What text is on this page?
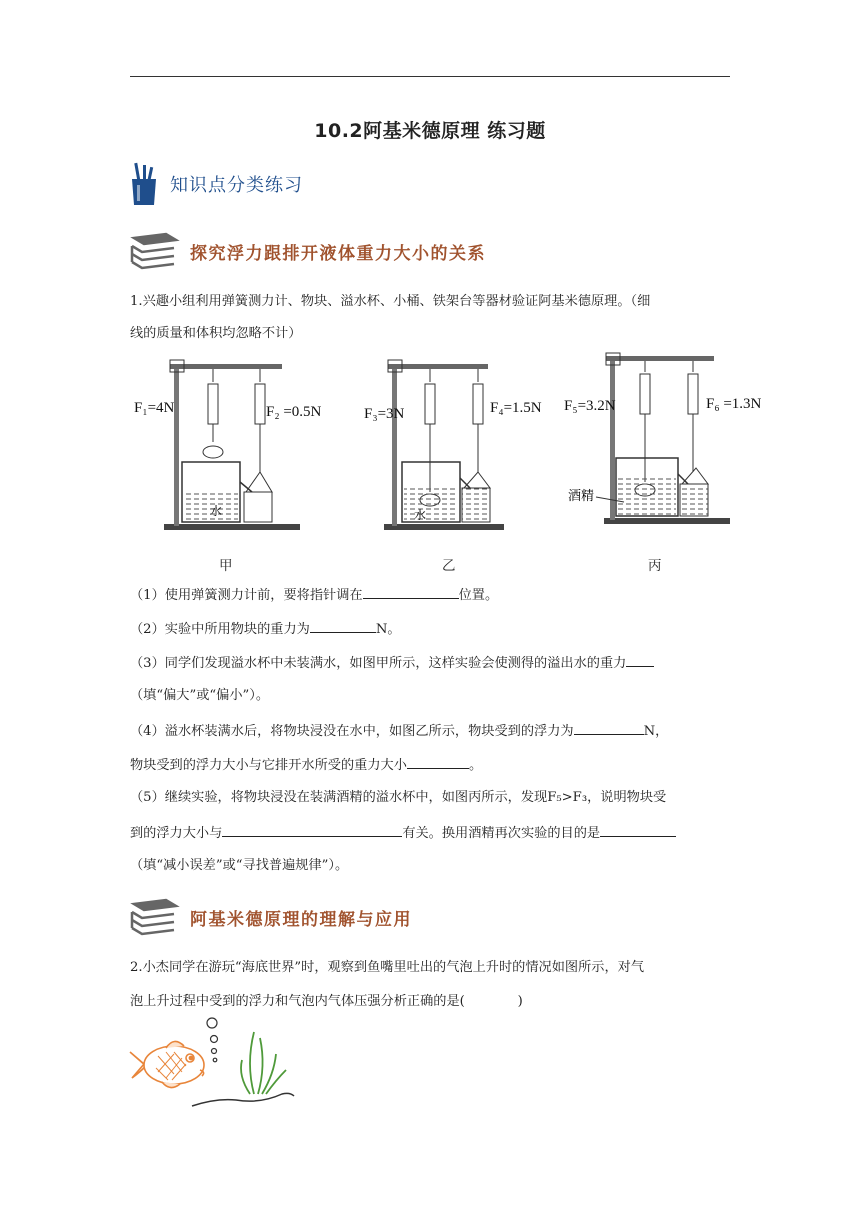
10.2阿基米德原理 练习题
知识点分类练习
探究浮力跟排开液体重力大小的关系
1.兴趣小组利用弹簧测力计、物块、溢水杯、小桶、铁架台等器材验证阿基米德原理。（细
线的质量和体积均忽略不计）
F₁=4N	F₂ =0.5N
水
F₃=3N	F₄=1.5N
水
F₅=3.2N	F₆ =1.3N
酒精
甲	乙	丙
（1）使用弹簧测力计前，要将指针调在	位置。
（2）实验中所用物块的重力为	N。
（3）同学们发现溢水杯中未装满水，如图甲所示，这样实验会使测得的溢出水的重力
（填“偏大”或“偏小”）。
（4）溢水杯装满水后，将物块浸没在水中，如图乙所示，物块受到的浮力为	N，
物块受到的浮力大小与它排开水所受的重力大小	。
（5）继续实验，将物块浸没在装满酒精的溢水杯中，如图丙所示，发现F₅>F₃，说明物块受
到的浮力大小与	有关。换用酒精再次实验的目的是
（填“减小误差”或“寻找普遍规律”）。
阿基米德原理的理解与应用
2.小杰同学在游玩“海底世界”时，观察到鱼嘴里吐出的气泡上升时的情况如图所示，对气
泡上升过程中受到的浮力和气泡内气体压强分析正确的是(　　　　)
